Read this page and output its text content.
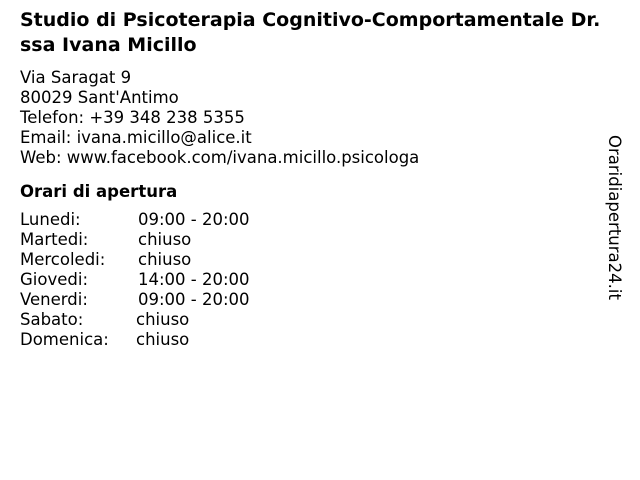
Studio di Psicoterapia Cognitivo-Comportamentale Dr. ssa Ivana Micillo
Via Saragat 9
80029 Sant'Antimo
Telefon: +39 348 238 5355
Email: ivana.micillo@alice.it
Web: www.facebook.com/ivana.micillo.psicologa
Orari di apertura
Lunedi:	09:00 - 20:00
Martedi:	chiuso
Mercoledi:	chiuso
Giovedi:	14:00 - 20:00
Venerdi:	09:00 - 20:00
Sabato:	chiuso
Domenica:	chiuso
Oraridiapertura24.it
